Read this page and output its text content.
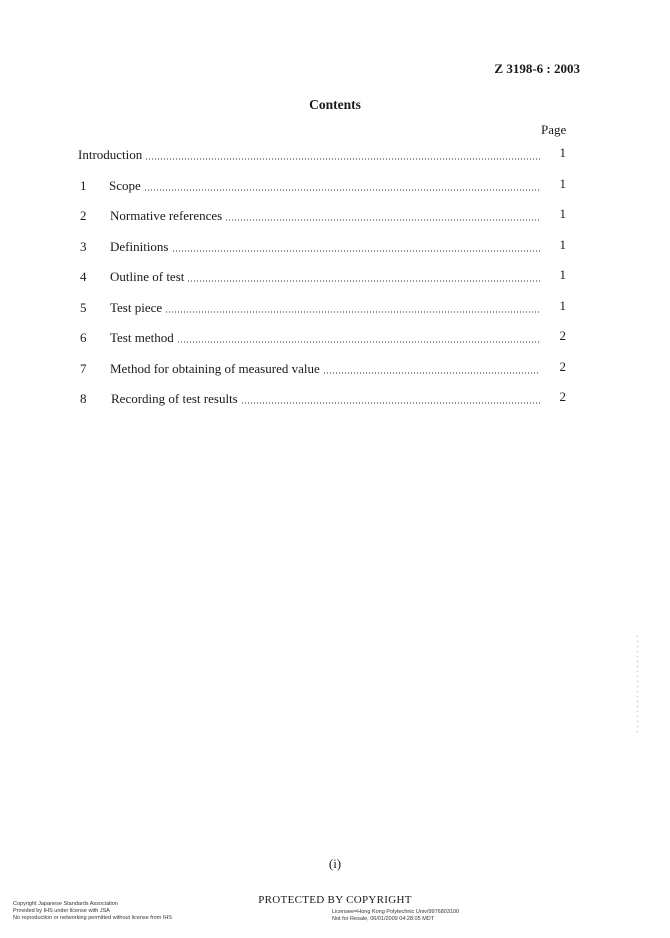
Z 3198-6 : 2003
Contents
Page
Introduction	1
1 Scope	1
2 Normative references	1
3 Definitions	1
4 Outline of test	1
5 Test piece	1
6 Test method	2
7 Method for obtaining of measured value	2
8 Recording of test results	2
(i)
Copyright Japanese Standards Association
Provided by IHS under license with JSA
No reproduction or networking permitted without license from IHS
PROTECTED BY COPYRIGHT
Licensee=Hong Kong Polytechnic Univ/9976803100
Not for Resale, 06/01/2009 04:28:05 MDT
